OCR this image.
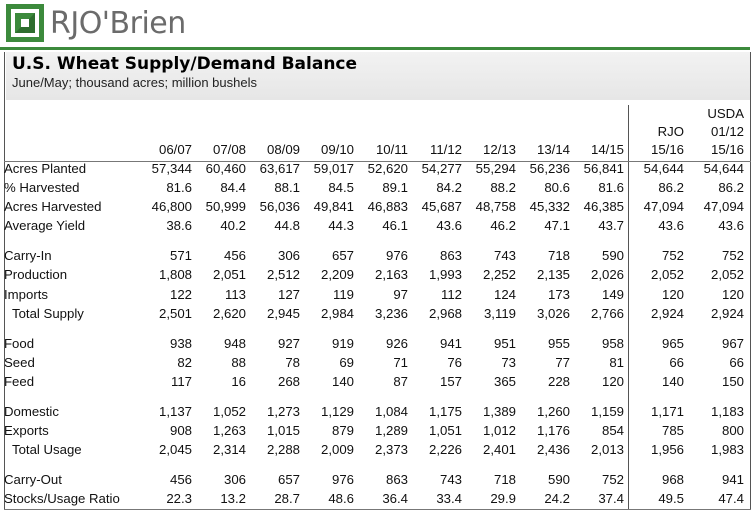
RJO'Brien
U.S. Wheat Supply/Demand Balance
June/May; thousand acres; million bushels
											USDA
										RJO	01/12
	06/07	07/08	08/09	09/10	10/11	11/12	12/13	13/14	14/15	15/16	15/16
Acres Planted	57,344	60,460	63,617	59,017	52,620	54,277	55,294	56,236	56,841	54,644	54,644
% Harvested	81.6	84.4	88.1	84.5	89.1	84.2	88.2	80.6	81.6	86.2	86.2
Acres Harvested	46,800	50,999	56,036	49,841	46,883	45,687	48,758	45,332	46,385	47,094	47,094
Average Yield	38.6	40.2	44.8	44.3	46.1	43.6	46.2	47.1	43.7	43.6	43.6

Carry-In	571	456	306	657	976	863	743	718	590	752	752
Production	1,808	2,051	2,512	2,209	2,163	1,993	2,252	2,135	2,026	2,052	2,052
Imports	122	113	127	119	97	112	124	173	149	120	120
Total Supply	2,501	2,620	2,945	2,984	3,236	2,968	3,119	3,026	2,766	2,924	2,924

Food	938	948	927	919	926	941	951	955	958	965	967
Seed	82	88	78	69	71	76	73	77	81	66	66
Feed	117	16	268	140	87	157	365	228	120	140	150

Domestic	1,137	1,052	1,273	1,129	1,084	1,175	1,389	1,260	1,159	1,171	1,183
Exports	908	1,263	1,015	879	1,289	1,051	1,012	1,176	854	785	800
Total Usage	2,045	2,314	2,288	2,009	2,373	2,226	2,401	2,436	2,013	1,956	1,983

Carry-Out	456	306	657	976	863	743	718	590	752	968	941
Stocks/Usage Ratio	22.3	13.2	28.7	48.6	36.4	33.4	29.9	24.2	37.4	49.5	47.4
